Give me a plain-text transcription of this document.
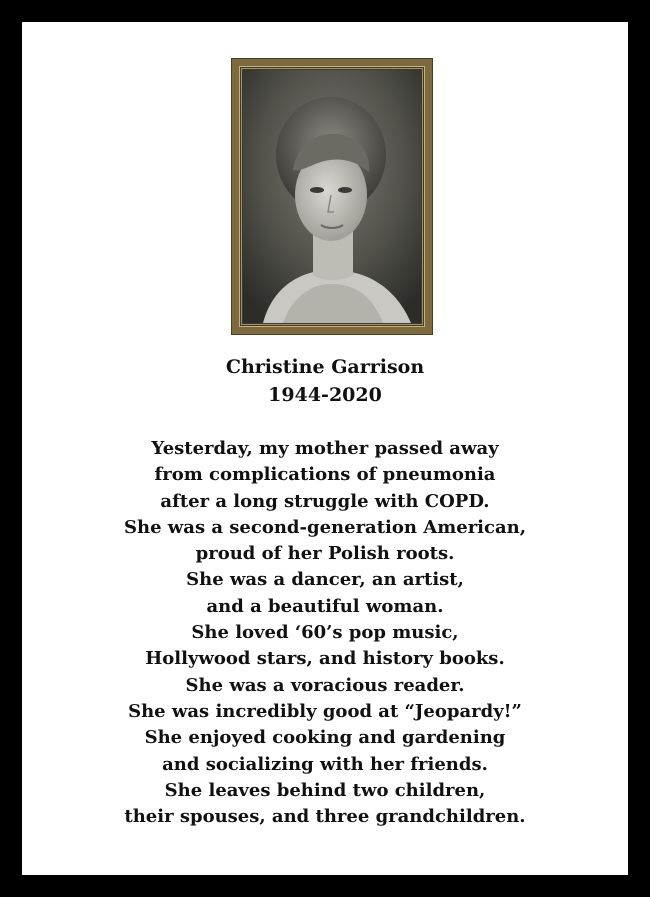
Christine Garrison
1944-2020
Yesterday, my mother passed away
from complications of pneumonia
after a long struggle with COPD.
She was a second-generation American,
proud of her Polish roots.
She was a dancer, an artist,
and a beautiful woman.
She loved ‘60’s pop music,
Hollywood stars, and history books.
She was a voracious reader.
She was incredibly good at “Jeopardy!”
She enjoyed cooking and gardening
and socializing with her friends.
She leaves behind two children,
their spouses, and three grandchildren.
